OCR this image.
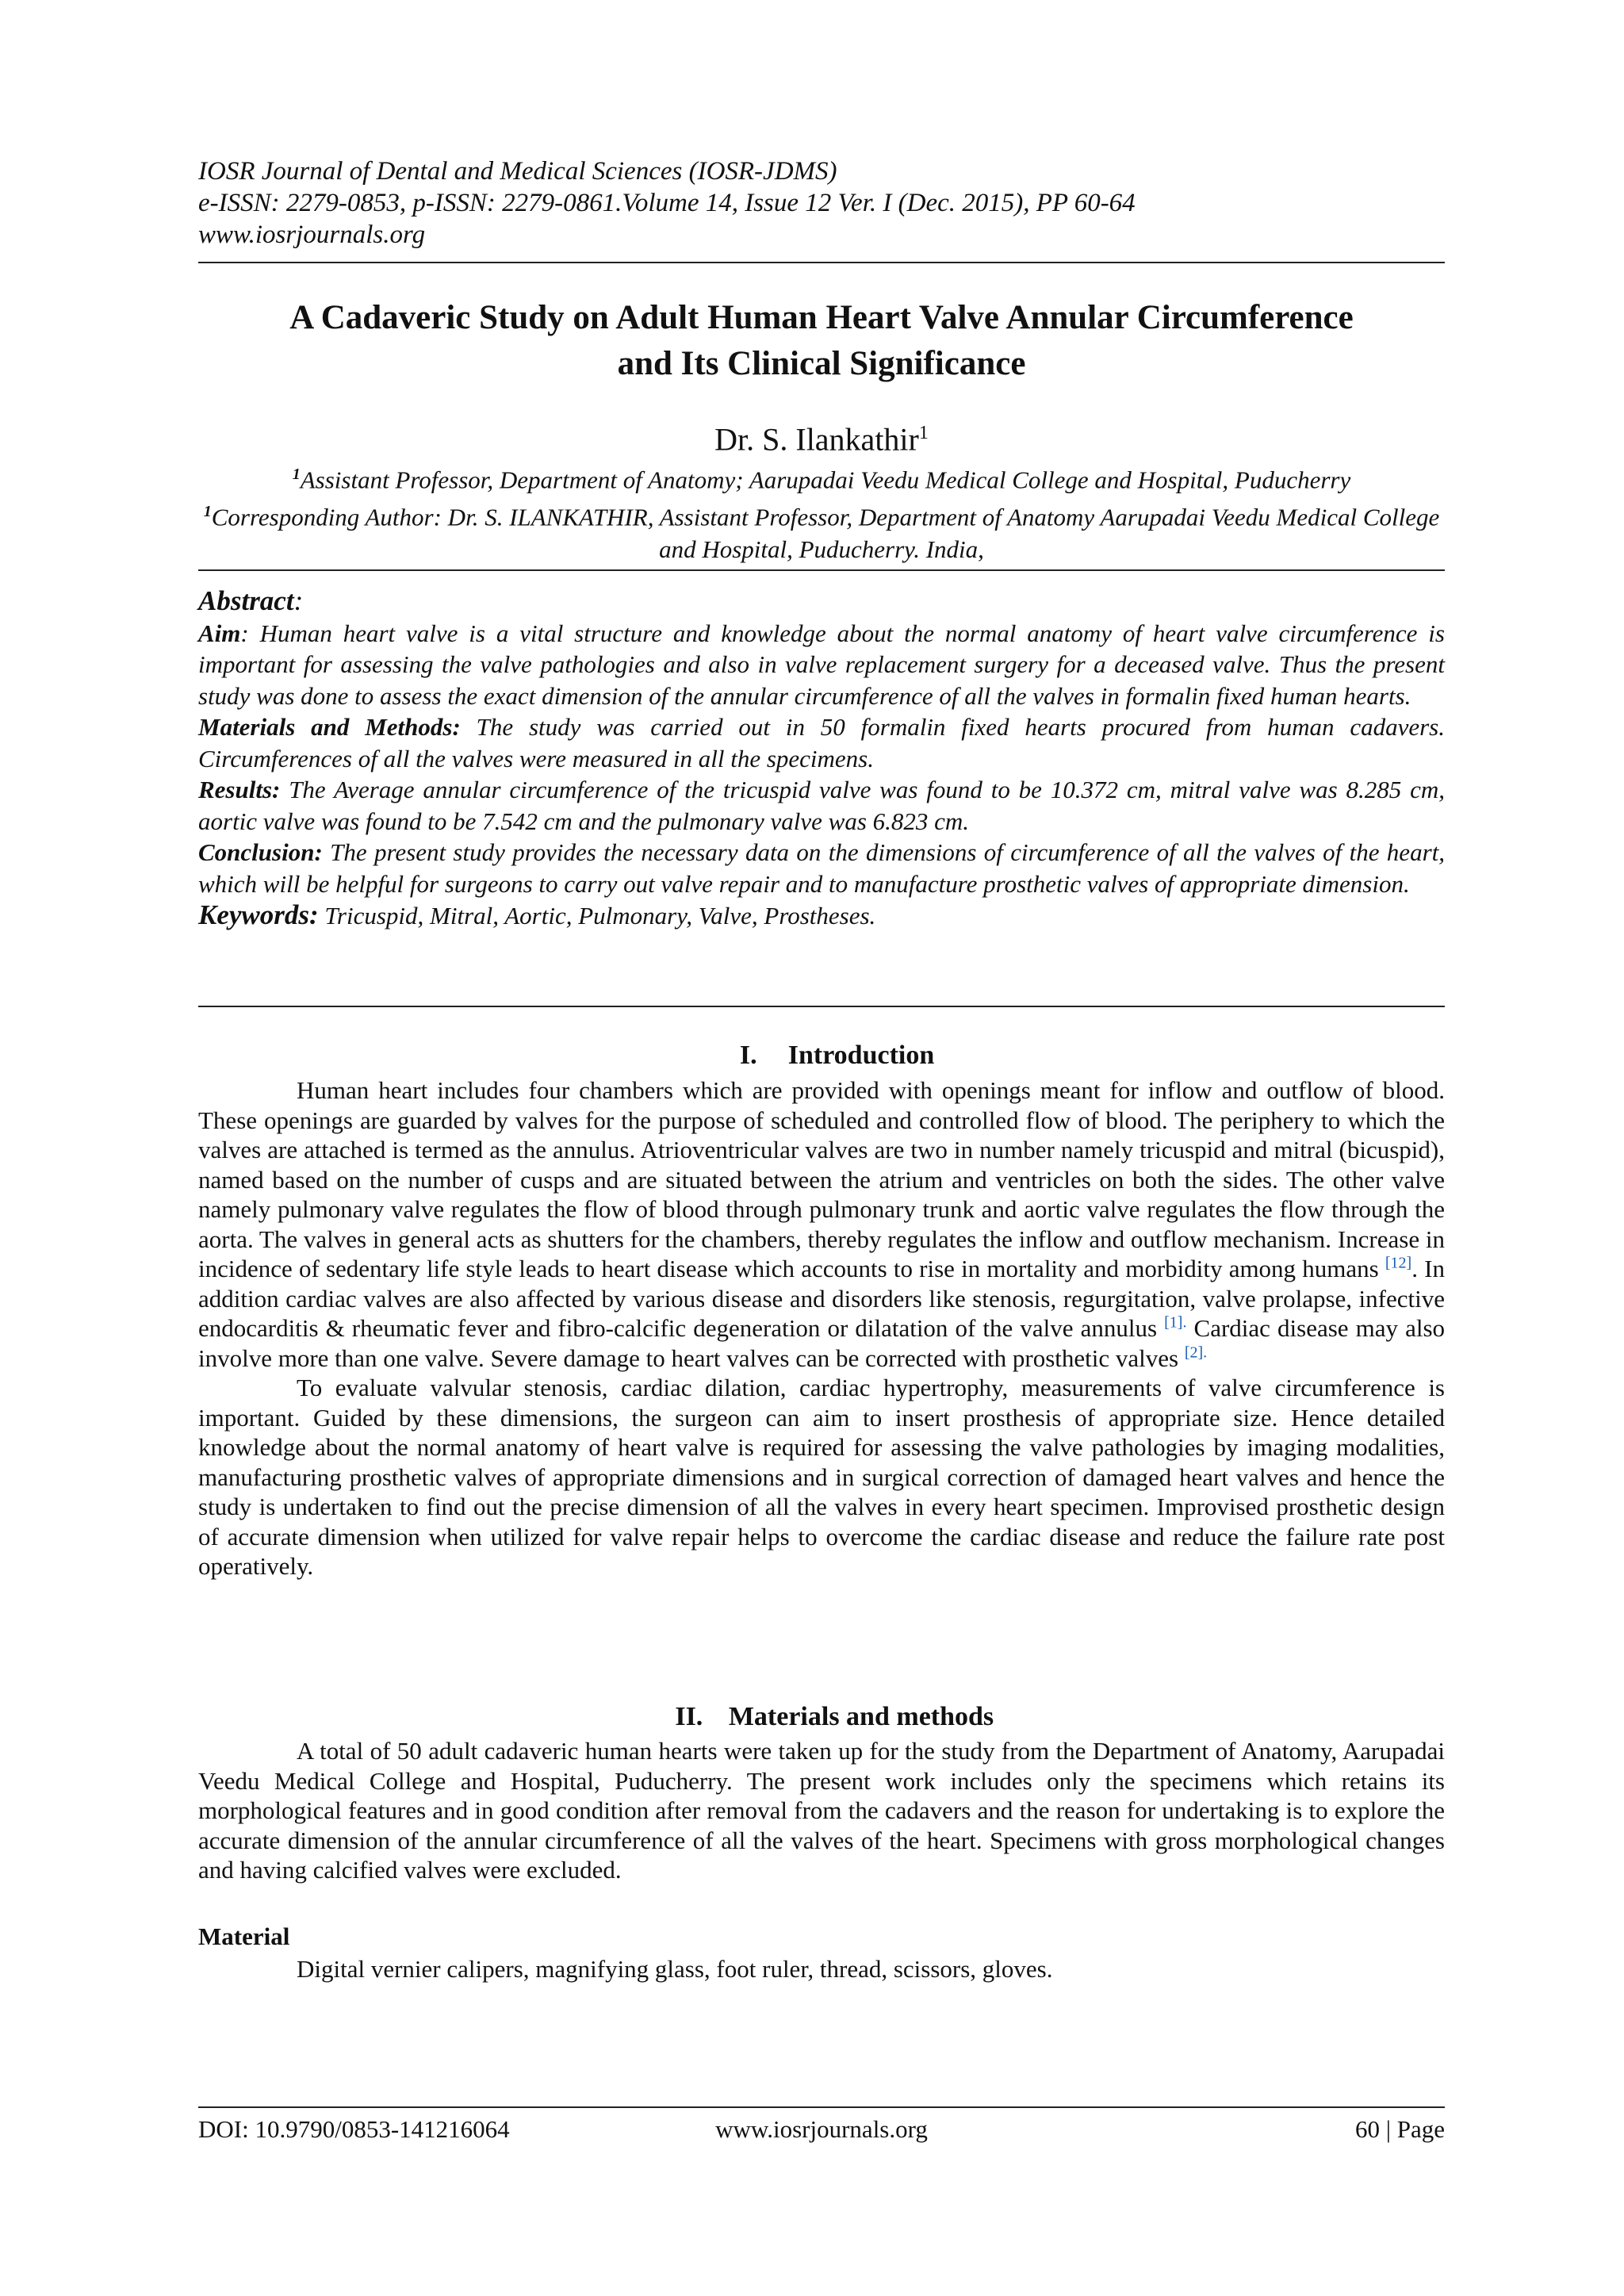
IOSR Journal of Dental and Medical Sciences (IOSR-JDMS)
e-ISSN: 2279-0853, p-ISSN: 2279-0861.Volume 14, Issue 12 Ver. I (Dec. 2015), PP 60-64
www.iosrjournals.org
A Cadaveric Study on Adult Human Heart Valve Annular Circumference
and Its Clinical Significance
Dr. S. Ilankathir$^1$
$^1$Assistant Professor, Department of Anatomy; Aarupadai Veedu Medical College and Hospital, Puducherry
$^1$Corresponding Author: Dr. S. ILANKATHIR, Assistant Professor, Department of Anatomy Aarupadai Veedu Medical College and Hospital, Puducherry. India,

Abstract:

Aim: Human heart valve is a vital structure and knowledge about the normal anatomy of heart valve circumference is important for assessing the valve pathologies and also in valve replacement surgery for a deceased valve. Thus the present study was done to assess the exact dimension of the annular circumference of all the valves in formalin fixed human hearts.

Materials and Methods: The study was carried out in 50 formalin fixed hearts procured from human cadavers. Circumferences of all the valves were measured in all the specimens.

Results: The Average annular circumference of the tricuspid valve was found to be 10.372 cm, mitral valve was 8.285 cm, aortic valve was found to be 7.542 cm and the pulmonary valve was 6.823 cm.

Conclusion: The present study provides the necessary data on the dimensions of circumference of all the valves of the heart, which will be helpful for surgeons to carry out valve repair and to manufacture prosthetic valves of appropriate dimension.

Keywords: Tricuspid, Mitral, Aortic, Pulmonary, Valve, Prostheses.

I. Introduction

Human heart includes four chambers which are provided with openings meant for inflow and outflow of blood. These openings are guarded by valves for the purpose of scheduled and controlled flow of blood. The periphery to which the valves are attached is termed as the annulus. Atrioventricular valves are two in number namely tricuspid and mitral (bicuspid), named based on the number of cusps and are situated between the atrium and ventricles on both the sides. The other valve namely pulmonary valve regulates the flow of blood through pulmonary trunk and aortic valve regulates the flow through the aorta. The valves in general acts as shutters for the chambers, thereby regulates the inflow and outflow mechanism. Increase in incidence of sedentary life style leads to heart disease which accounts to rise in mortality and morbidity among humans [12]. In addition cardiac valves are also affected by various disease and disorders like stenosis, regurgitation, valve prolapse, infective endocarditis & rheumatic fever and fibro-calcific degeneration or dilatation of the valve annulus $^{[1].}$ Cardiac disease may also involve more than one valve. Severe damage to heart valves can be corrected with prosthetic valves $^{[2].}$

To evaluate valvular stenosis, cardiac dilation, cardiac hypertrophy, measurements of valve circumference is important. Guided by these dimensions, the surgeon can aim to insert prosthesis of appropriate size. Hence detailed knowledge about the normal anatomy of heart valve is required for assessing the valve pathologies by imaging modalities, manufacturing prosthetic valves of appropriate dimensions and in surgical correction of damaged heart valves and hence the study is undertaken to find out the precise dimension of all the valves in every heart specimen. Improvised prosthetic design of accurate dimension when utilized for valve repair helps to overcome the cardiac disease and reduce the failure rate post operatively.

II. Materials and methods

A total of 50 adult cadaveric human hearts were taken up for the study from the Department of Anatomy, Aarupadai Veedu Medical College and Hospital, Puducherry. The present work includes only the specimens which retains its morphological features and in good condition after removal from the cadavers and the reason for undertaking is to explore the accurate dimension of the annular circumference of all the valves of the heart. Specimens with gross morphological changes and having calcified valves were excluded.

Material
Digital vernier calipers, magnifying glass, foot ruler, thread, scissors, gloves.
DOI: 10.9790/0853-141216064	www.iosrjournals.org	60 | Page
